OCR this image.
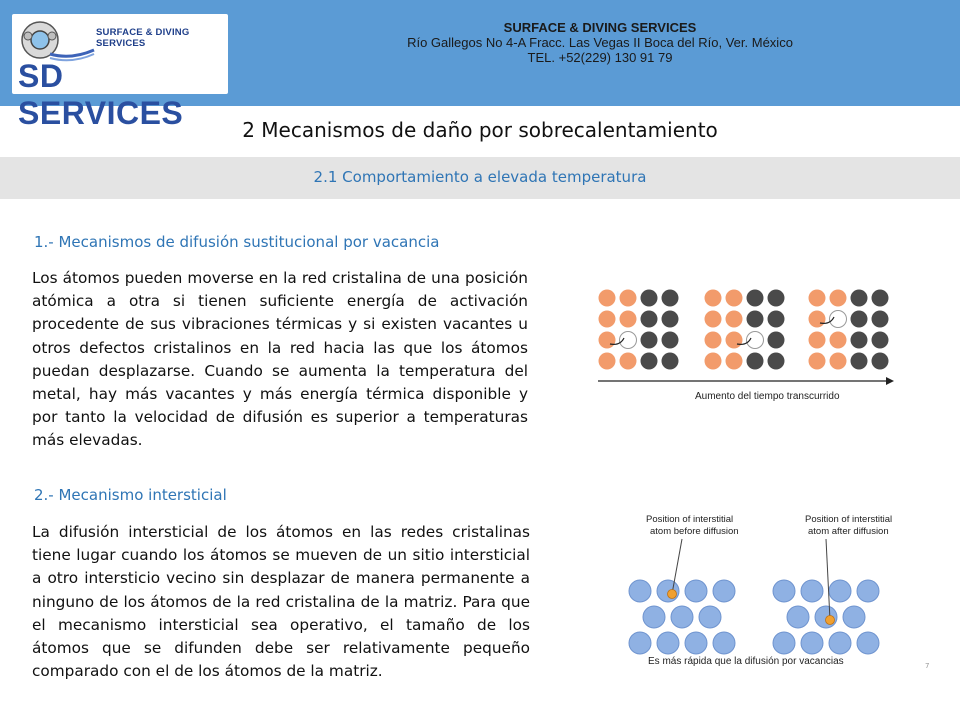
SURFACE & DIVING SERVICES
SD SERVICES
SURFACE & DIVING SERVICES
Río Gallegos No 4-A Fracc. Las Vegas II Boca del Río, Ver. México
TEL. +52(229) 130 91 79
2 Mecanismos de daño por sobrecalentamiento
2.1 Comportamiento a elevada temperatura
1.- Mecanismos de difusión sustitucional por vacancia
Los átomos pueden moverse en la red cristalina de una posición atómica a otra si tienen suficiente energía de activación procedente de sus vibraciones térmicas y si existen vacantes u otros defectos cristalinos en la red hacia las que los átomos puedan desplazarse. Cuando se aumenta la temperatura del metal, hay más vacantes y más energía térmica disponible y por tanto la velocidad de difusión es superior a temperaturas más elevadas.
Aumento del tiempo transcurrido
2.- Mecanismo intersticial
La difusión intersticial de los átomos en las redes cristalinas tiene lugar cuando los átomos se mueven de un sitio intersticial a otro intersticio vecino sin desplazar de manera permanente a ninguno de los átomos de la red cristalina de la matriz. Para que el mecanismo intersticial sea operativo, el tamaño de los átomos que se difunden debe ser relativamente pequeño comparado con el de los átomos de la matriz.
Position of interstitial
atom before diffusion
Position of interstitial
atom after diffusion
Es más rápida que la difusión por vacancias	7
